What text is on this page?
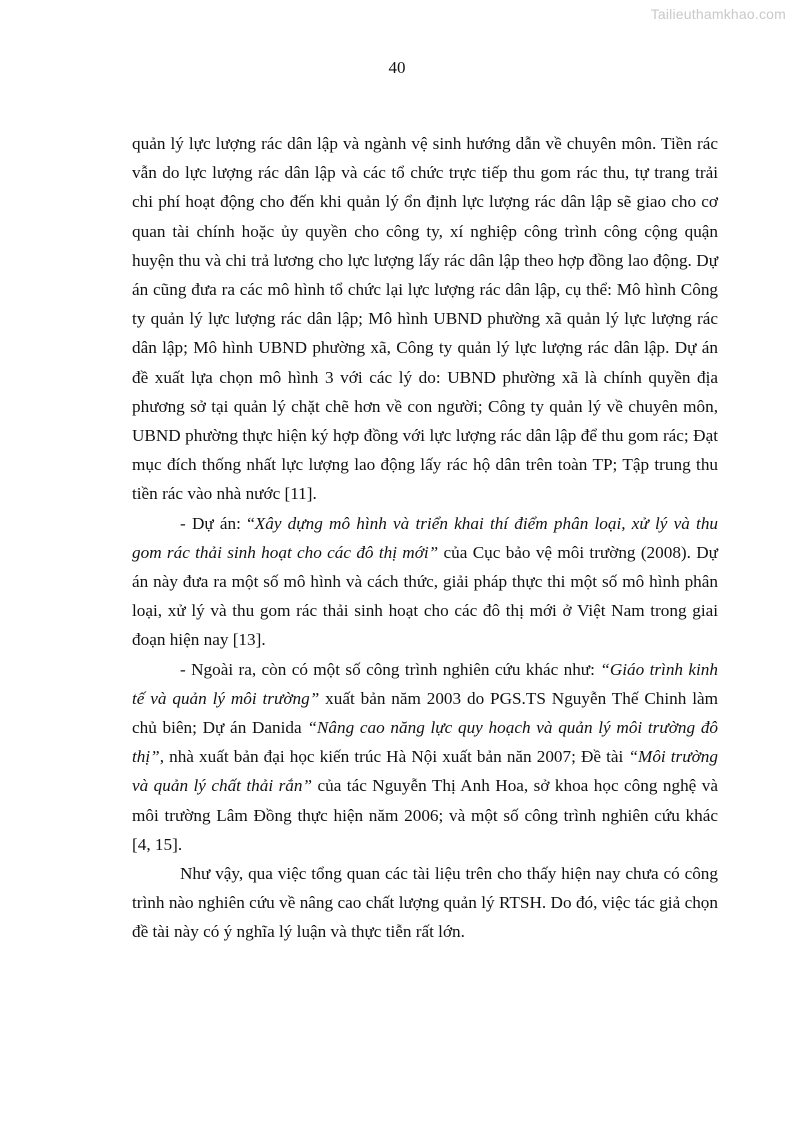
Tailieuthamkhao.com
40

quản lý lực lượng rác dân lập và ngành vệ sinh hướng dẫn về chuyên môn. Tiền rác vẫn do lực lượng rác dân lập và các tổ chức trực tiếp thu gom rác thu, tự trang trải chi phí hoạt động cho đến khi quản lý ổn định lực lượng rác dân lập sẽ giao cho cơ quan tài chính hoặc ủy quyền cho công ty, xí nghiệp công trình công cộng quận huyện thu và chi trả lương cho lực lượng lấy rác dân lập theo hợp đồng lao động. Dự án cũng đưa ra các mô hình tổ chức lại lực lượng rác dân lập, cụ thể: Mô hình Công ty quản lý lực lượng rác dân lập; Mô hình UBND phường xã quản lý lực lượng rác dân lập; Mô hình UBND phường xã, Công ty quản lý lực lượng rác dân lập. Dự án đề xuất lựa chọn mô hình 3 với các lý do: UBND phường xã là chính quyền địa phương sở tại quản lý chặt chẽ hơn về con người; Công ty quản lý về chuyên môn, UBND phường thực hiện ký hợp đồng với lực lượng rác dân lập để thu gom rác; Đạt mục đích thống nhất lực lượng lao động lấy rác hộ dân trên toàn TP; Tập trung thu tiền rác vào nhà nước [11].

- Dự án: “Xây dựng mô hình và triển khai thí điểm phân loại, xử lý và thu gom rác thải sinh hoạt cho các đô thị mới” của Cục bảo vệ môi trường (2008). Dự án này đưa ra một số mô hình và cách thức, giải pháp thực thi một số mô hình phân loại, xử lý và thu gom rác thải sinh hoạt cho các đô thị mới ở Việt Nam trong giai đoạn hiện nay [13].

- Ngoài ra, còn có một số công trình nghiên cứu khác như: “Giáo trình kinh tế và quản lý môi trường” xuất bản năm 2003 do PGS.TS Nguyễn Thế Chinh làm chủ biên; Dự án Danida “Nâng cao năng lực quy hoạch và quản lý môi trường đô thị”, nhà xuất bản đại học kiến trúc Hà Nội xuất bản năn 2007; Đề tài “Môi trường và quản lý chất thải rắn” của tác Nguyễn Thị Anh Hoa, sở khoa học công nghệ và môi trường Lâm Đồng thực hiện năm 2006; và một số công trình nghiên cứu khác [4, 15].

Như vậy, qua việc tổng quan các tài liệu trên cho thấy hiện nay chưa có công trình nào nghiên cứu về nâng cao chất lượng quản lý RTSH. Do đó, việc tác giả chọn đề tài này có ý nghĩa lý luận và thực tiễn rất lớn.
